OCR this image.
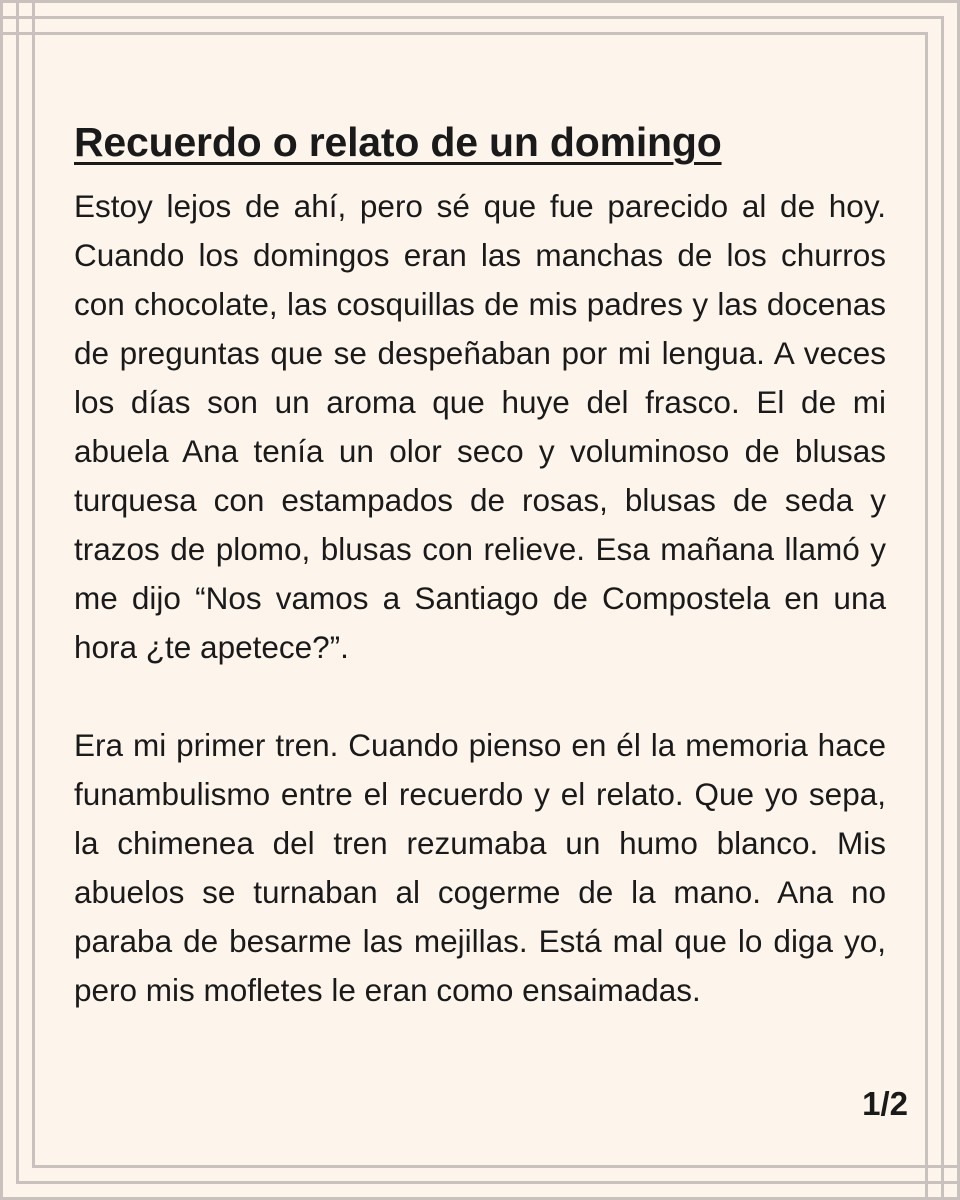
Recuerdo o relato de un domingo

Estoy lejos de ahí, pero sé que fue parecido al de hoy. Cuando los domingos eran las manchas de los churros con chocolate, las cosquillas de mis padres y las docenas de preguntas que se despeñaban por mi lengua. A veces los días son un aroma que huye del frasco. El de mi abuela Ana tenía un olor seco y voluminoso de blusas turquesa con estampados de rosas, blusas de seda y trazos de plomo, blusas con relieve. Esa mañana llamó y me dijo “Nos vamos a Santiago de Compostela en una hora ¿te apetece?”.

Era mi primer tren. Cuando pienso en él la memoria hace funambulismo entre el recuerdo y el relato. Que yo sepa, la chimenea del tren rezumaba un humo blanco. Mis abuelos se turnaban al cogerme de la mano. Ana no paraba de besarme las mejillas. Está mal que lo diga yo, pero mis mofletes le eran como ensaimadas.

1/2
